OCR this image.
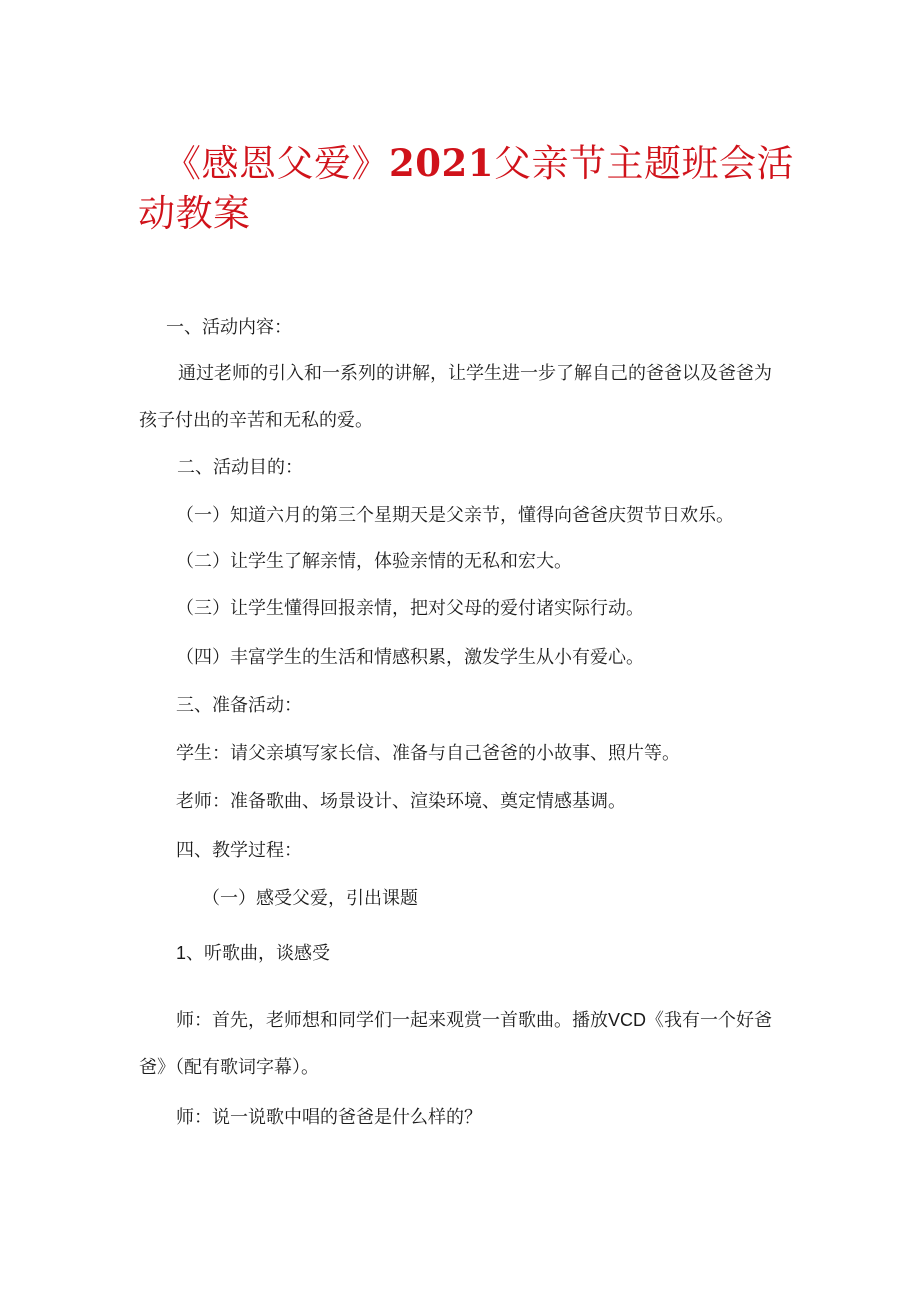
《感恩父爱》2021父亲节主题班会活动教案

一、活动内容：

通过老师的引入和一系列的讲解，让学生进一步了解自己的爸爸以及爸爸为

孩子付出的辛苦和无私的爱。

二、活动目的：

（一）知道六月的第三个星期天是父亲节，懂得向爸爸庆贺节日欢乐。

（二）让学生了解亲情，体验亲情的无私和宏大。

（三）让学生懂得回报亲情，把对父母的爱付诸实际行动。

（四）丰富学生的生活和情感积累，激发学生从小有爱心。

三、准备活动：

学生：请父亲填写家长信、准备与自己爸爸的小故事、照片等。

老师：准备歌曲、场景设计、渲染环境、奠定情感基调。

四、教学过程：

（一）感受父爱，引出课题

1、听歌曲，谈感受

师：首先，老师想和同学们一起来观赏一首歌曲。播放VCD《我有一个好爸

爸》（配有歌词字幕）。

师：说一说歌中唱的爸爸是什么样的？
